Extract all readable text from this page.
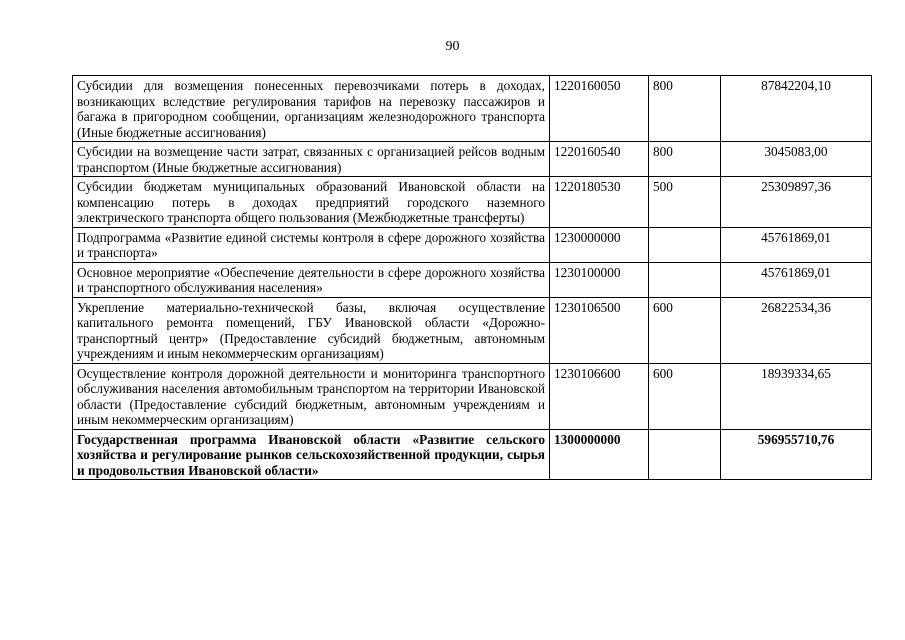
90
Субсидии для возмещения понесенных перевозчиками потерь в доходах, возникающих вследствие регулирования тарифов на перевозку пассажиров и багажа в пригородном сообщении, организациям железнодорожного транспорта (Иные бюджетные ассигнования)	1220160050	800	87842204,10
Субсидии на возмещение части затрат, связанных с организацией рейсов водным транспортом (Иные бюджетные ассигнования)	1220160540	800	3045083,00
Субсидии бюджетам муниципальных образований Ивановской области на компенсацию потерь в доходах предприятий городского наземного электрического транспорта общего пользования (Межбюджетные трансферты)	1220180530	500	25309897,36
Подпрограмма «Развитие единой системы контроля в сфере дорожного хозяйства и транспорта»	1230000000		45761869,01
Основное мероприятие «Обеспечение деятельности в сфере дорожного хозяйства и транспортного обслуживания населения»	1230100000		45761869,01
Укрепление материально-технической базы, включая осуществление капитального ремонта помещений, ГБУ Ивановской области «Дорожно-транспортный центр» (Предоставление субсидий бюджетным, автономным учреждениям и иным некоммерческим организациям)	1230106500	600	26822534,36
Осуществление контроля дорожной деятельности и мониторинга транспортного обслуживания населения автомобильным транспортом на территории Ивановской области (Предоставление субсидий бюджетным, автономным учреждениям и иным некоммерческим организациям)	1230106600	600	18939334,65
Государственная программа Ивановской области «Развитие сельского хозяйства и регулирование рынков сельскохозяйственной продукции, сырья и продовольствия Ивановской области»	1300000000		596955710,76
